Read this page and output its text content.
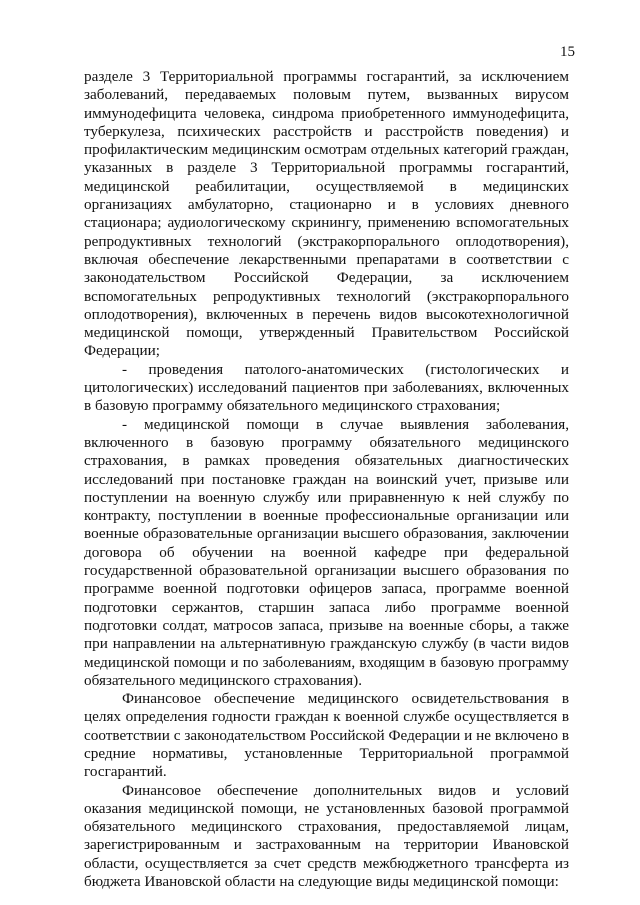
15

разделе 3 Территориальной программы госгарантий, за исключением заболеваний, передаваемых половым путем, вызванных вирусом иммунодефицита человека, синдрома приобретенного иммунодефицита, туберкулеза, психических расстройств и расстройств поведения) и профилактическим медицинским осмотрам отдельных категорий граждан, указанных в разделе 3 Территориальной программы госгарантий, медицинской реабилитации, осуществляемой в медицинских организациях амбулаторно, стационарно и в условиях дневного стационара; аудиологическому скринингу, применению вспомогательных репродуктивных технологий (экстракорпорального оплодотворения), включая обеспечение лекарственными препаратами в соответствии с законодательством Российской Федерации, за исключением вспомогательных репродуктивных технологий (экстракорпорального оплодотворения), включенных в перечень видов высокотехнологичной медицинской помощи, утвержденный Правительством Российской Федерации;

- проведения патолого-анатомических (гистологических и цитологических) исследований пациентов при заболеваниях, включенных в базовую программу обязательного медицинского страхования;

- медицинской помощи в случае выявления заболевания, включенного в базовую программу обязательного медицинского страхования, в рамках проведения обязательных диагностических исследований при постановке граждан на воинский учет, призыве или поступлении на военную службу или приравненную к ней службу по контракту, поступлении в военные профессиональные организации или военные образовательные организации высшего образования, заключении договора об обучении на военной кафедре при федеральной государственной образовательной организации высшего образования по программе военной подготовки офицеров запаса, программе военной подготовки сержантов, старшин запаса либо программе военной подготовки солдат, матросов запаса, призыве на военные сборы, а также при направлении на альтернативную гражданскую службу (в части видов медицинской помощи и по заболеваниям, входящим в базовую программу обязательного медицинского страхования).

Финансовое обеспечение медицинского освидетельствования в целях определения годности граждан к военной службе осуществляется в соответствии с законодательством Российской Федерации и не включено в средние нормативы, установленные Территориальной программой госгарантий.

Финансовое обеспечение дополнительных видов и условий оказания медицинской помощи, не установленных базовой программой обязательного медицинского страхования, предоставляемой лицам, зарегистрированным и застрахованным на территории Ивановской области, осуществляется за счет средств межбюджетного трансферта из бюджета Ивановской области на следующие виды медицинской помощи:
